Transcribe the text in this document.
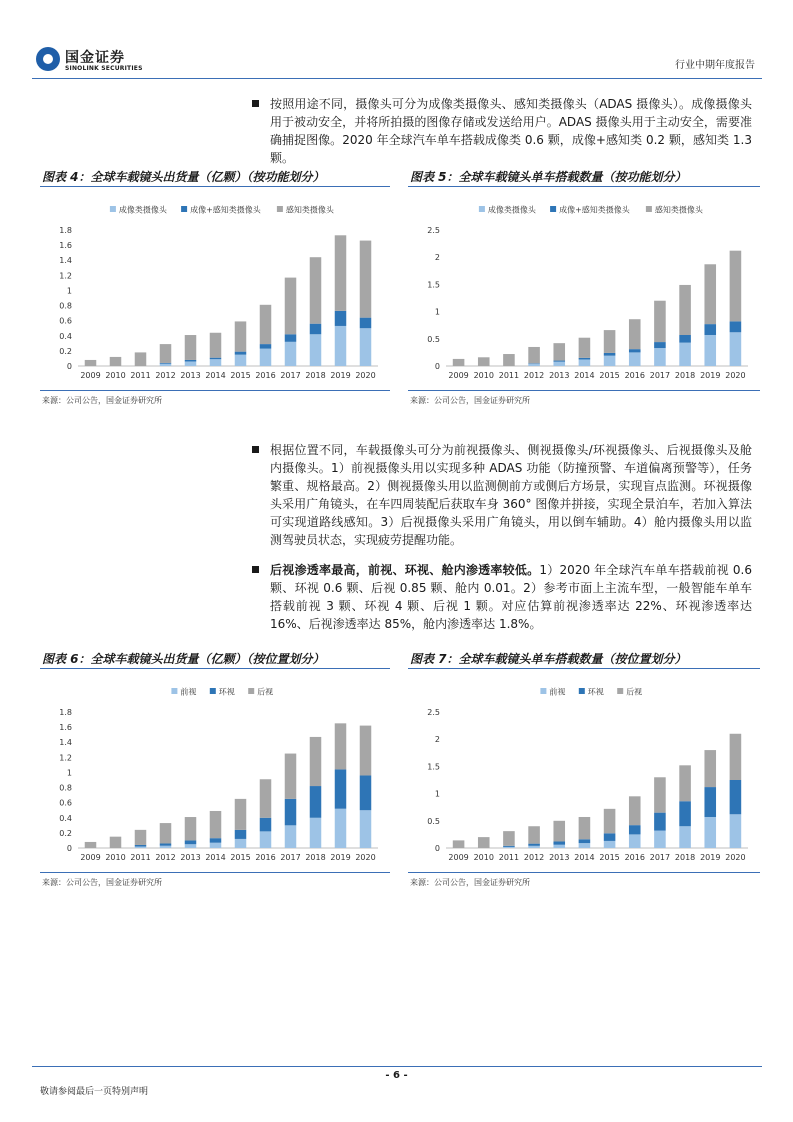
国金证券
SINOLINK SECURITIES	行业中期年度报告
按照用途不同，摄像头可分为成像类摄像头、感知类摄像头（ADAS 摄像头）。成像摄像头用于被动安全，并将所拍摄的图像存储或发送给用户。ADAS 摄像头用于主动安全，需要准确捕捉图像。2020 年全球汽车单车搭载成像类 0.6 颗，成像+感知类 0.2 颗，感知类 1.3 颗。
图表 4：全球车载镜头出货量（亿颗）（按功能划分）	图表 5：全球车载镜头单车搭载数量（按功能划分）
成像类摄像头	成像+感知类摄像头	感知类摄像头
0
0.2
0.4
0.6
0.8
1
1.2
1.4
1.6
1.8
2009 2010 2011 2012 2013 2014 2015 2016 2017 2018 2019 2020
成像类摄像头	成像+感知类摄像头	感知类摄像头
0
0.5
1
1.5
2
2.5
2009 2010 2011 2012 2013 2014 2015 2016 2017 2018 2019 2020
来源：公司公告，国金证券研究所	来源：公司公告，国金证券研究所
根据位置不同，车载摄像头可分为前视摄像头、侧视摄像头/环视摄像头、后视摄像头及舱内摄像头。1）前视摄像头用以实现多种 ADAS 功能（防撞预警、车道偏离预警等），任务繁重、规格最高。2）侧视摄像头用以监测侧前方或侧后方场景，实现盲点监测。环视摄像头采用广角镜头，在车四周装配后获取车身 360° 图像并拼接，实现全景泊车，若加入算法可实现道路线感知。3）后视摄像头采用广角镜头，用以倒车辅助。4）舱内摄像头用以监测驾驶员状态，实现疲劳提醒功能。
后视渗透率最高，前视、环视、舱内渗透率较低。1）2020 年全球汽车单车搭载前视 0.6 颗、环视 0.6 颗、后视 0.85 颗、舱内 0.01。2）参考市面上主流车型，一般智能车单车搭载前视 3 颗、环视 4 颗、后视 1 颗。对应估算前视渗透率达 22%、环视渗透率达 16%、后视渗透率达 85%，舱内渗透率达 1.8%。
图表 6：全球车载镜头出货量（亿颗）（按位置划分）	图表 7：全球车载镜头单车搭载数量（按位置划分）
前视	环视	后视
0
0.2
0.4
0.6
0.8
1
1.2
1.4
1.6
1.8
2009 2010 2011 2012 2013 2014 2015 2016 2017 2018 2019 2020
前视	环视	后视
0
0.5
1
1.5
2
2.5
2009 2010 2011 2012 2013 2014 2015 2016 2017 2018 2019 2020
来源：公司公告，国金证券研究所	来源：公司公告，国金证券研究所
- 6 -
敬请参阅最后一页特别声明
